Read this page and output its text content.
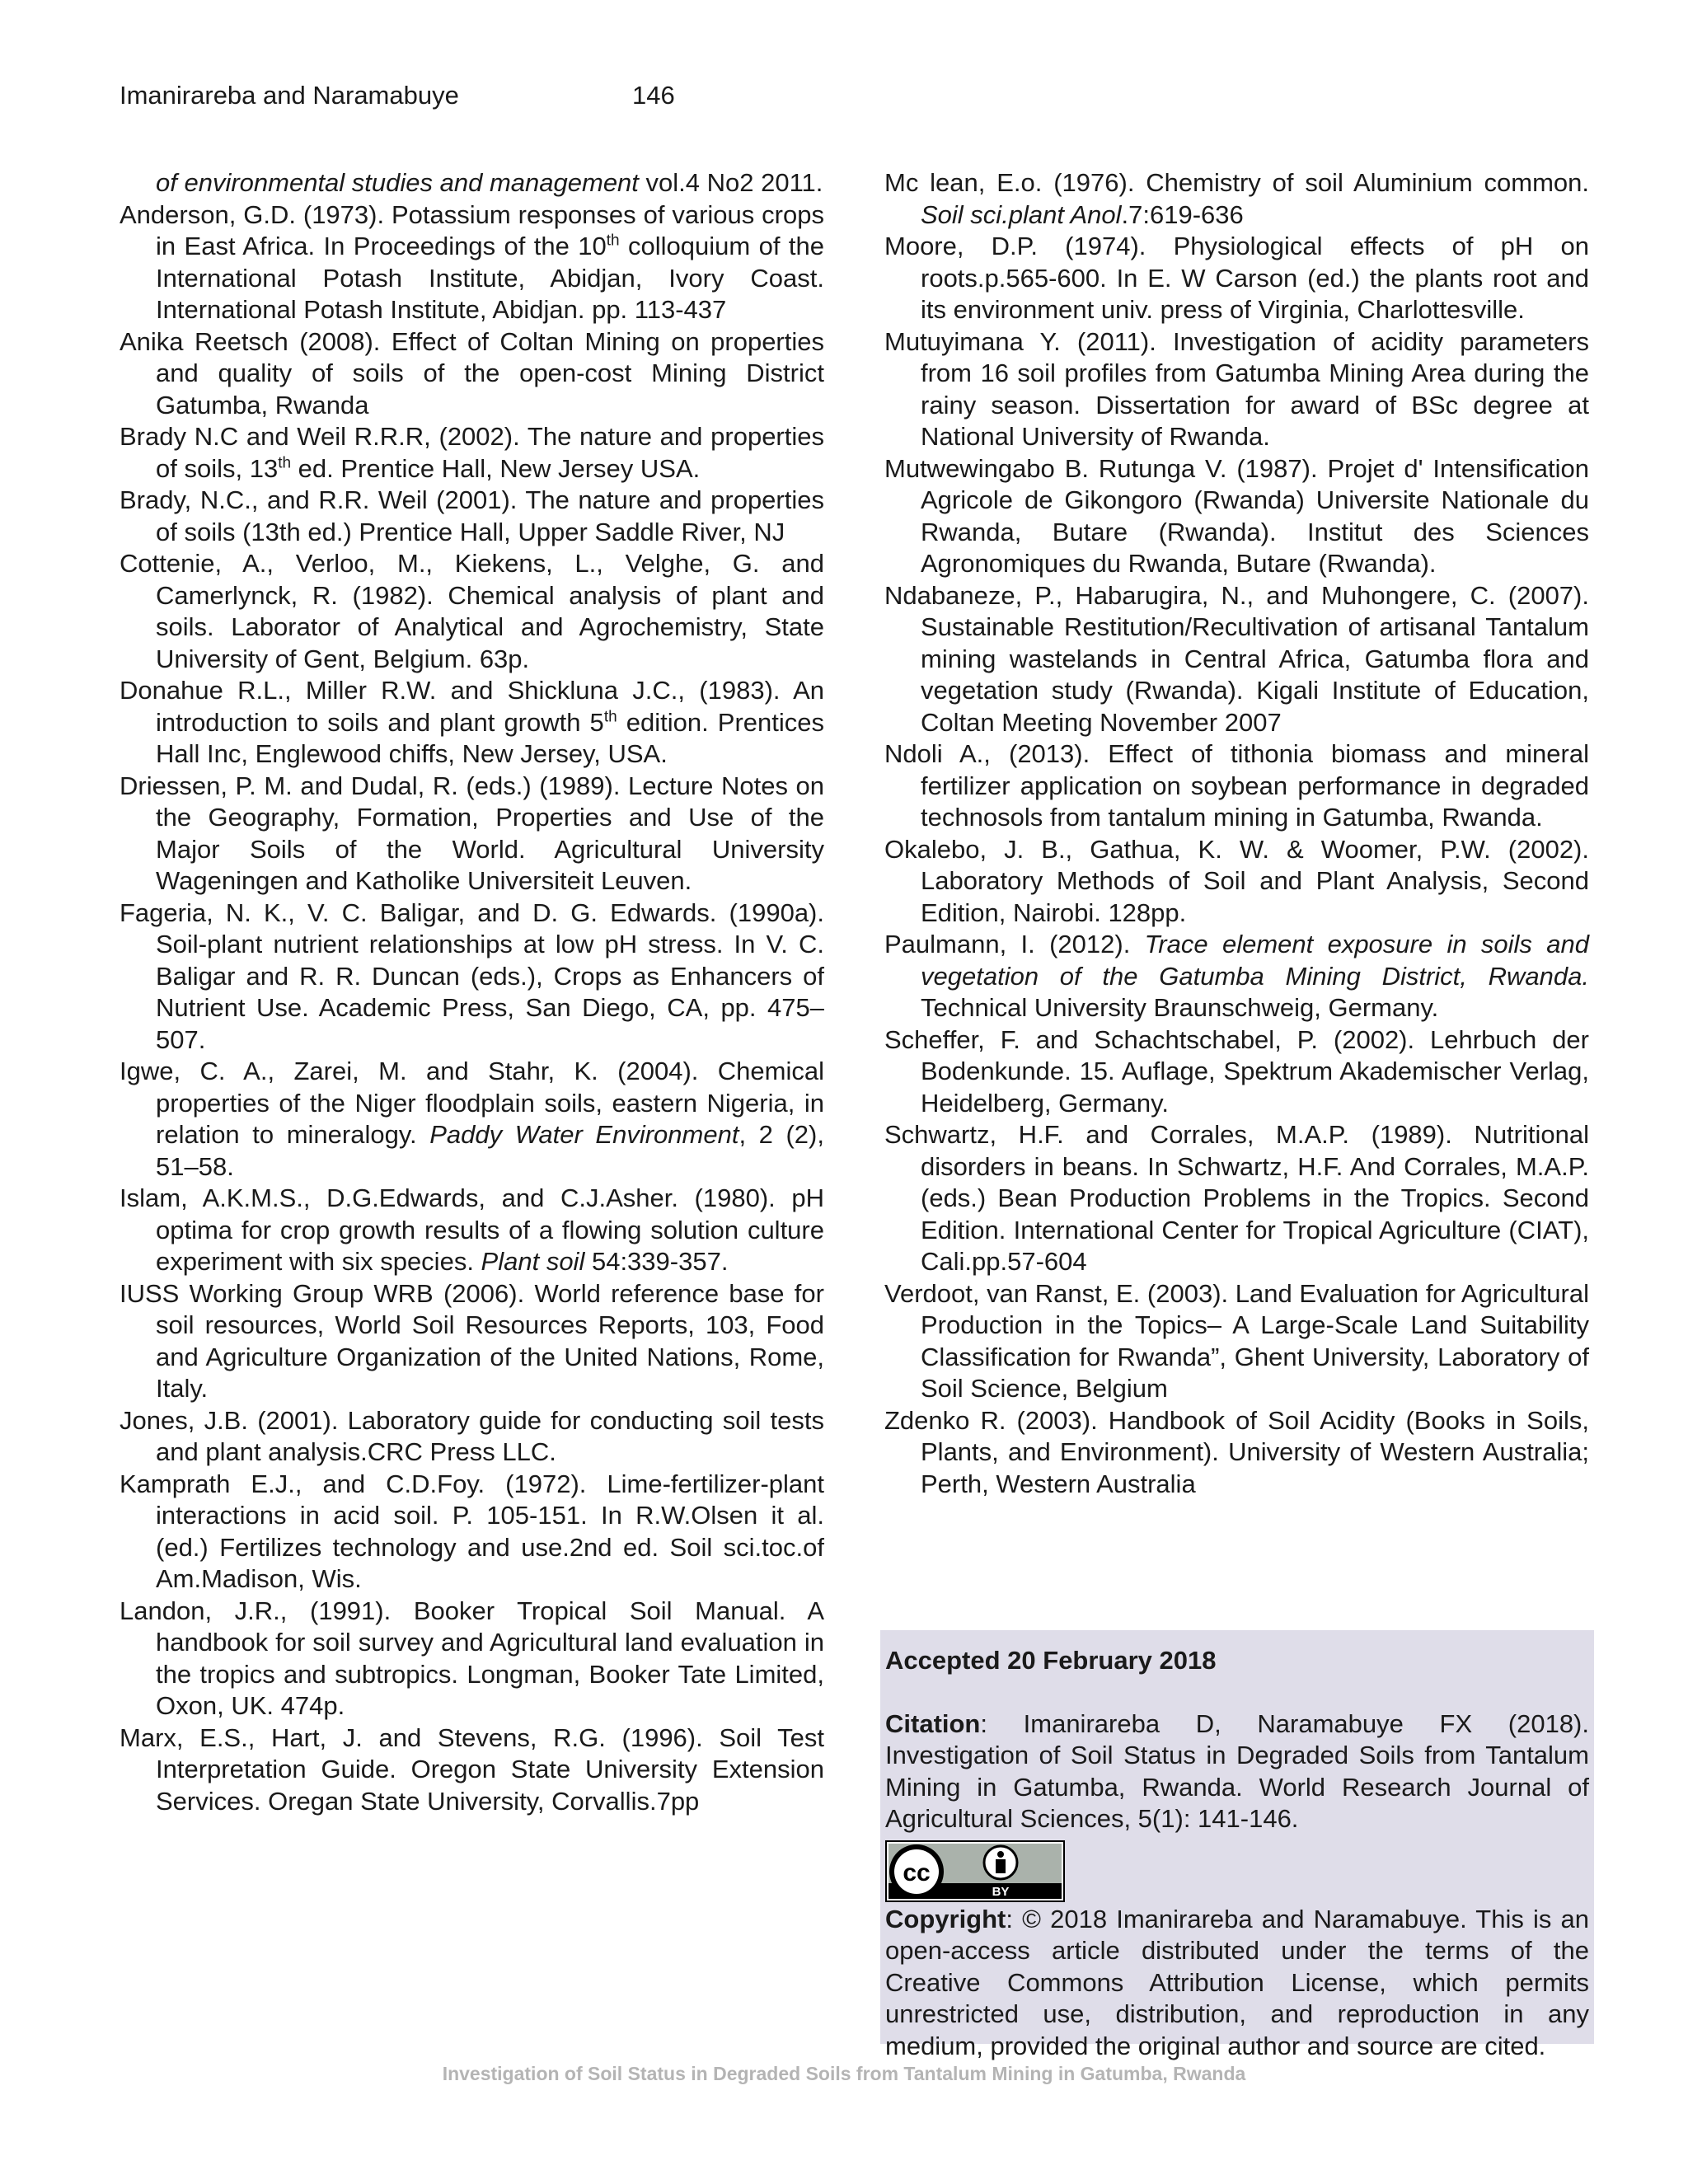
Imanirareba and Naramabuye	146

of environmental studies and management vol.4 No2 2011.

Anderson, G.D. (1973). Potassium responses of various crops in East Africa. In Proceedings of the 10th colloquium of the International Potash Institute, Abidjan, Ivory Coast. International Potash Institute, Abidjan. pp. 113-437

Anika Reetsch (2008). Effect of Coltan Mining on properties and quality of soils of the open-cost Mining District Gatumba, Rwanda

Brady N.C and Weil R.R.R, (2002). The nature and properties of soils, 13th ed. Prentice Hall, New Jersey USA.

Brady, N.C., and R.R. Weil (2001). The nature and properties of soils (13th ed.) Prentice Hall, Upper Saddle River, NJ

Cottenie, A., Verloo, M., Kiekens, L., Velghe, G. and Camerlynck, R. (1982). Chemical analysis of plant and soils. Laborator of Analytical and Agrochemistry, State University of Gent, Belgium. 63p.

Donahue R.L., Miller R.W. and Shickluna J.C., (1983). An introduction to soils and plant growth 5th edition. Prentices Hall Inc, Englewood chiffs, New Jersey, USA.

Driessen, P. M. and Dudal, R. (eds.) (1989). Lecture Notes on the Geography, Formation, Properties and Use of the Major Soils of the World. Agricultural University Wageningen and Katholike Universiteit Leuven.

Fageria, N. K., V. C. Baligar, and D. G. Edwards. (1990a). Soil-plant nutrient relationships at low pH stress. In V. C. Baligar and R. R. Duncan (eds.), Crops as Enhancers of Nutrient Use. Academic Press, San Diego, CA, pp. 475– 507.

Igwe, C. A., Zarei, M. and Stahr, K. (2004). Chemical properties of the Niger floodplain soils, eastern Nigeria, in relation to mineralogy. Paddy Water Environment, 2 (2), 51–58.

Islam, A.K.M.S., D.G.Edwards, and C.J.Asher. (1980). pH optima for crop growth results of a flowing solution culture experiment with six species. Plant soil 54:339-357.

IUSS Working Group WRB (2006). World reference base for soil resources, World Soil Resources Reports, 103, Food and Agriculture Organization of the United Nations, Rome, Italy.

Jones, J.B. (2001). Laboratory guide for conducting soil tests and plant analysis.CRC Press LLC.

Kamprath E.J., and C.D.Foy. (1972). Lime-fertilizer-plant interactions in acid soil. P. 105-151. In R.W.Olsen it al. (ed.) Fertilizes technology and use.2nd ed. Soil sci.toc.of Am.Madison, Wis.

Landon, J.R., (1991). Booker Tropical Soil Manual. A handbook for soil survey and Agricultural land evaluation in the tropics and subtropics. Longman, Booker Tate Limited, Oxon, UK. 474p.

Marx, E.S., Hart, J. and Stevens, R.G. (1996). Soil Test Interpretation Guide. Oregon State University Extension Services. Oregan State University, Corvallis.7pp

Mc lean, E.o. (1976). Chemistry of soil Aluminium common. Soil sci.plant Anol.7:619-636

Moore, D.P. (1974). Physiological effects of pH on roots.p.565-600. In E. W Carson (ed.) the plants root and its environment univ. press of Virginia, Charlottesville.

Mutuyimana Y. (2011). Investigation of acidity parameters from 16 soil profiles from Gatumba Mining Area during the rainy season. Dissertation for award of BSc degree at National University of Rwanda.

Mutwewingabo B. Rutunga V. (1987). Projet d' Intensification Agricole de Gikongoro (Rwanda) Universite Nationale du Rwanda, Butare (Rwanda). Institut des Sciences Agronomiques du Rwanda, Butare (Rwanda).

Ndabaneze, P., Habarugira, N., and Muhongere, C. (2007). Sustainable Restitution/Recultivation of artisanal Tantalum mining wastelands in Central Africa, Gatumba flora and vegetation study (Rwanda). Kigali Institute of Education, Coltan Meeting November 2007

Ndoli A., (2013). Effect of tithonia biomass and mineral fertilizer application on soybean performance in degraded technosols from tantalum mining in Gatumba, Rwanda.

Okalebo, J. B., Gathua, K. W. & Woomer, P.W. (2002). Laboratory Methods of Soil and Plant Analysis, Second Edition, Nairobi. 128pp.

Paulmann, I. (2012). Trace element exposure in soils and vegetation of the Gatumba Mining District, Rwanda. Technical University Braunschweig, Germany.

Scheffer, F. and Schachtschabel, P. (2002). Lehrbuch der Bodenkunde. 15. Auflage, Spektrum Akademischer Verlag, Heidelberg, Germany.

Schwartz, H.F. and Corrales, M.A.P. (1989). Nutritional disorders in beans. In Schwartz, H.F. And Corrales, M.A.P. (eds.) Bean Production Problems in the Tropics. Second Edition. International Center for Tropical Agriculture (CIAT), Cali.pp.57-604

Verdoot, van Ranst, E. (2003). Land Evaluation for Agricultural Production in the Topics– A Large-Scale Land Suitability Classification for Rwanda”, Ghent University, Laboratory of Soil Science, Belgium

Zdenko R. (2003). Handbook of Soil Acidity (Books in Soils, Plants, and Environment). University of Western Australia; Perth, Western Australia

Accepted 20 February 2018

Citation: Imanirareba D, Naramabuye FX (2018). Investigation of Soil Status in Degraded Soils from Tantalum Mining in Gatumba, Rwanda. World Research Journal of Agricultural Sciences, 5(1): 141-146.

cc
BY

Copyright: © 2018 Imanirareba and Naramabuye. This is an open-access article distributed under the terms of the Creative Commons Attribution License, which permits unrestricted use, distribution, and reproduction in any medium, provided the original author and source are cited.

Investigation of Soil Status in Degraded Soils from Tantalum Mining in Gatumba, Rwanda
